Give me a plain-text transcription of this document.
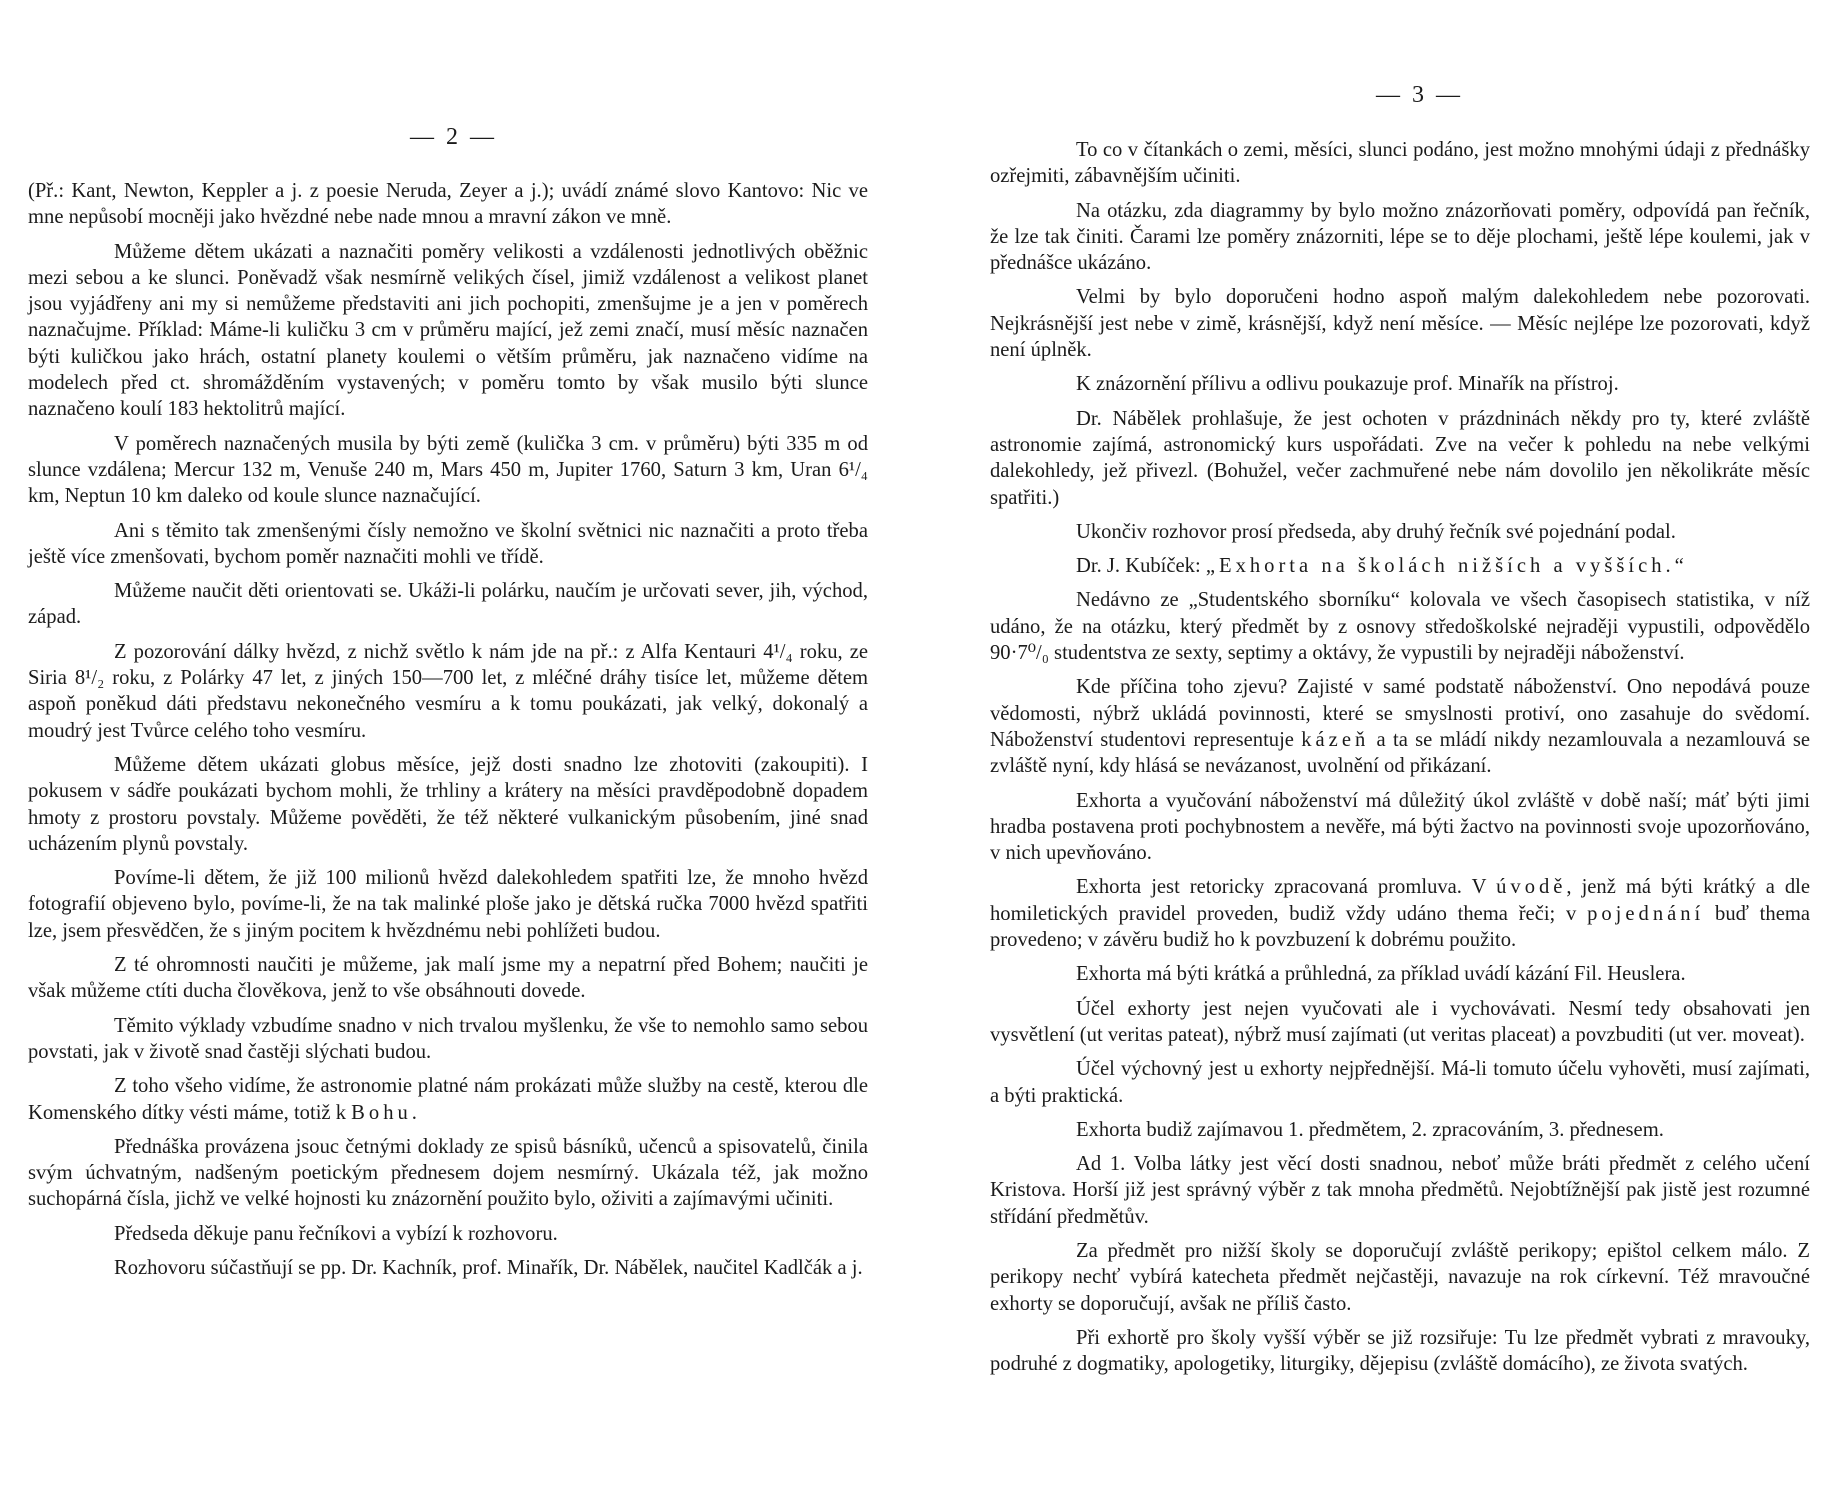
— 2 —

(Př.: Kant, Newton, Keppler a j. z poesie Neruda, Zeyer a j.); uvádí známé slovo Kantovo: Nic ve mne nepůsobí mocněji jako hvězdné nebe nade mnou a mravní zákon ve mně.

Můžeme dětem ukázati a naznačiti poměry velikosti a vzdálenosti jednotlivých oběžnic mezi sebou a ke slunci. Poněvadž však nesmírně velikých čísel, jimiž vzdálenost a velikost planet jsou vyjádřeny ani my si nemůžeme představiti ani jich pochopiti, zmenšujme je a jen v poměrech naznačujme. Příklad: Máme-li kuličku 3 cm v průměru mající, jež zemi značí, musí měsíc naznačen býti kuličkou jako hrách, ostatní planety koulemi o větším průměru, jak naznačeno vidíme na modelech před ct. shromážděním vystavených; v poměru tomto by však musilo býti slunce naznačeno koulí 183 hektolitrů mající.

V poměrech naznačených musila by býti země (kulička 3 cm. v průměru) býti 335 m od slunce vzdálena; Mercur 132 m, Venuše 240 m, Mars 450 m, Jupiter 1760, Saturn 3 km, Uran 6¹/₄ km, Neptun 10 km daleko od koule slunce naznačující.

Ani s těmito tak zmenšenými čísly nemožno ve školní světnici nic naznačiti a proto třeba ještě více zmenšovati, bychom poměr naznačiti mohli ve třídě.

Můžeme naučit děti orientovati se. Ukáži-li polárku, naučím je určovati sever, jih, východ, západ.

Z pozorování dálky hvězd, z nichž světlo k nám jde na př.: z Alfa Kentauri 4¹/₄ roku, ze Siria 8¹/₂ roku, z Polárky 47 let, z jiných 150—700 let, z mléčné dráhy tisíce let, můžeme dětem aspoň poněkud dáti představu nekonečného vesmíru a k tomu poukázati, jak velký, dokonalý a moudrý jest Tvůrce celého toho vesmíru.

Můžeme dětem ukázati globus měsíce, jejž dosti snadno lze zhotoviti (zakoupiti). I pokusem v sádře poukázati bychom mohli, že trhliny a krátery na měsíci pravděpodobně dopadem hmoty z prostoru povstaly. Můžeme pověděti, že též některé vulkanickým působením, jiné snad ucházením plynů povstaly.

Povíme-li dětem, že již 100 milionů hvězd dalekohledem spatřiti lze, že mnoho hvězd fotografií objeveno bylo, povíme-li, že na tak malinké ploše jako je dětská ručka 7000 hvězd spatřiti lze, jsem přesvědčen, že s jiným pocitem k hvězdnému nebi pohlížeti budou.

Z té ohromnosti naučiti je můžeme, jak malí jsme my a nepatrní před Bohem; naučiti je však můžeme ctíti ducha člověkova, jenž to vše obsáhnouti dovede.

Těmito výklady vzbudíme snadno v nich trvalou myšlenku, že vše to nemohlo samo sebou povstati, jak v životě snad častěji slýchati budou.

Z toho všeho vidíme, že astronomie platné nám prokázati může služby na cestě, kterou dle Komenského dítky vésti máme, totiž k Bohu.

Přednáška provázena jsouc četnými doklady ze spisů básníků, učenců a spisovatelů, činila svým úchvatným, nadšeným poetickým přednesem dojem nesmírný. Ukázala též, jak možno suchopárná čísla, jichž ve velké hojnosti ku znázornění použito bylo, oživiti a zajímavými učiniti.

Předseda děkuje panu řečníkovi a vybízí k rozhovoru.

Rozhovoru súčastňují se pp. Dr. Kachník, prof. Minařík, Dr. Nábělek, naučitel Kadlčák a j.

— 3 —

To co v čítankách o zemi, měsíci, slunci podáno, jest možno mnohými údaji z přednášky ozřejmiti, zábavnějším učiniti.

Na otázku, zda diagrammy by bylo možno znázorňovati poměry, odpovídá pan řečník, že lze tak činiti. Čarami lze poměry znázorniti, lépe se to děje plochami, ještě lépe koulemi, jak v přednášce ukázáno.

Velmi by bylo doporučeni hodno aspoň malým dalekohledem nebe pozorovati. Nejkrásnější jest nebe v zimě, krásnější, když není měsíce. — Měsíc nejlépe lze pozorovati, když není úplněk.

K znázornění přílivu a odlivu poukazuje prof. Minařík na přístroj.

Dr. Nábělek prohlašuje, že jest ochoten v prázdninách někdy pro ty, které zvláště astronomie zajímá, astronomický kurs uspořádati. Zve na večer k pohledu na nebe velkými dalekohledy, jež přivezl. (Bohužel, večer zachmuřené nebe nám dovolilo jen několikráte měsíc spatřiti.)

Ukončiv rozhovor prosí předseda, aby druhý řečník své pojednání podal.

Dr. J. Kubíček: „Exhorta na školách nižších a vyšších.“

Nedávno ze „Studentského sborníku“ kolovala ve všech časopisech statistika, v níž udáno, že na otázku, který předmět by z osnovy středoškolské nejraději vypustili, odpovědělo 90·7⁰/₀ studentstva ze sexty, septimy a oktávy, že vypustili by nejraději náboženství.

Kde příčina toho zjevu? Zajisté v samé podstatě náboženství. Ono nepodává pouze vědomosti, nýbrž ukládá povinnosti, které se smyslnosti protiví, ono zasahuje do svědomí. Náboženství studentovi representuje kázeň a ta se mládí nikdy nezamlouvala a nezamlouvá se zvláště nyní, kdy hlásá se nevázanost, uvolnění od přikázaní.

Exhorta a vyučování náboženství má důležitý úkol zvláště v době naší; máť býti jimi hradba postavena proti pochybnostem a nevěře, má býti žactvo na povinnosti svoje upozorňováno, v nich upevňováno.

Exhorta jest retoricky zpracovaná promluva. V úvodě, jenž má býti krátký a dle homiletických pravidel proveden, budiž vždy udáno thema řeči; v pojednání buď thema provedeno; v závěru budiž ho k povzbuzení k dobrému použito.

Exhorta má býti krátká a průhledná, za příklad uvádí kázání Fil. Heuslera.

Účel exhorty jest nejen vyučovati ale i vychovávati. Nesmí tedy obsahovati jen vysvětlení (ut veritas pateat), nýbrž musí zajímati (ut veritas placeat) a povzbuditi (ut ver. moveat).

Účel výchovný jest u exhorty nejpřednější. Má-li tomuto účelu vyhověti, musí zajímati, a býti praktická.

Exhorta budiž zajímavou 1. předmětem, 2. zpracováním, 3. přednesem.

Ad 1. Volba látky jest věcí dosti snadnou, neboť může bráti předmět z celého učení Kristova. Horší již jest správný výběr z tak mnoha předmětů. Nejobtížnější pak jistě jest rozumné střídání předmětův.

Za předmět pro nižší školy se doporučují zvláště perikopy; epištol celkem málo. Z perikopy nechť vybírá katecheta předmět nejčastěji, navazuje na rok církevní. Též mravoučné exhorty se doporučují, avšak ne příliš často.

Při exhortě pro školy vyšší výběr se již rozsiřuje: Tu lze předmět vybrati z mravouky, podruhé z dogmatiky, apologetiky, liturgiky, dějepisu (zvláště domácího), ze života svatých.
